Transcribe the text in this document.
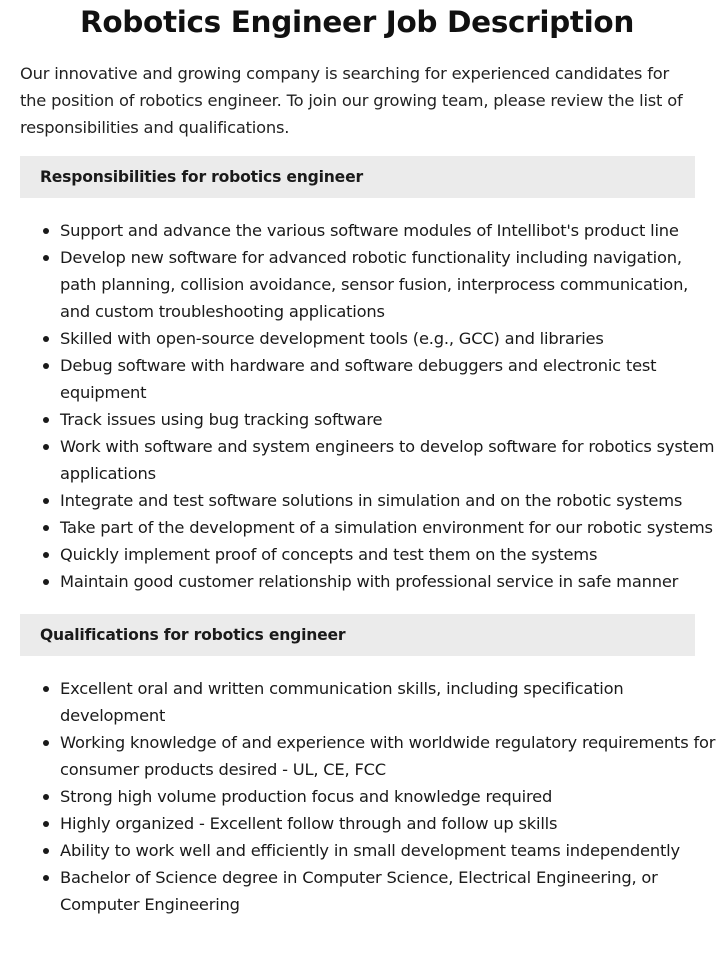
Robotics Engineer Job Description

Our innovative and growing company is searching for experienced candidates for the position of robotics engineer. To join our growing team, please review the list of responsibilities and qualifications.

Responsibilities for robotics engineer
Support and advance the various software modules of Intellibot's product line
Develop new software for advanced robotic functionality including navigation, path planning, collision avoidance, sensor fusion, interprocess communication, and custom troubleshooting applications
Skilled with open-source development tools (e.g., GCC) and libraries
Debug software with hardware and software debuggers and electronic test equipment
Track issues using bug tracking software
Work with software and system engineers to develop software for robotics system applications
Integrate and test software solutions in simulation and on the robotic systems
Take part of the development of a simulation environment for our robotic systems
Quickly implement proof of concepts and test them on the systems
Maintain good customer relationship with professional service in safe manner
Qualifications for robotics engineer
Excellent oral and written communication skills, including specification development
Working knowledge of and experience with worldwide regulatory requirements for consumer products desired - UL, CE, FCC
Strong high volume production focus and knowledge required
Highly organized - Excellent follow through and follow up skills
Ability to work well and efficiently in small development teams independently
Bachelor of Science degree in Computer Science, Electrical Engineering, or Computer Engineering
